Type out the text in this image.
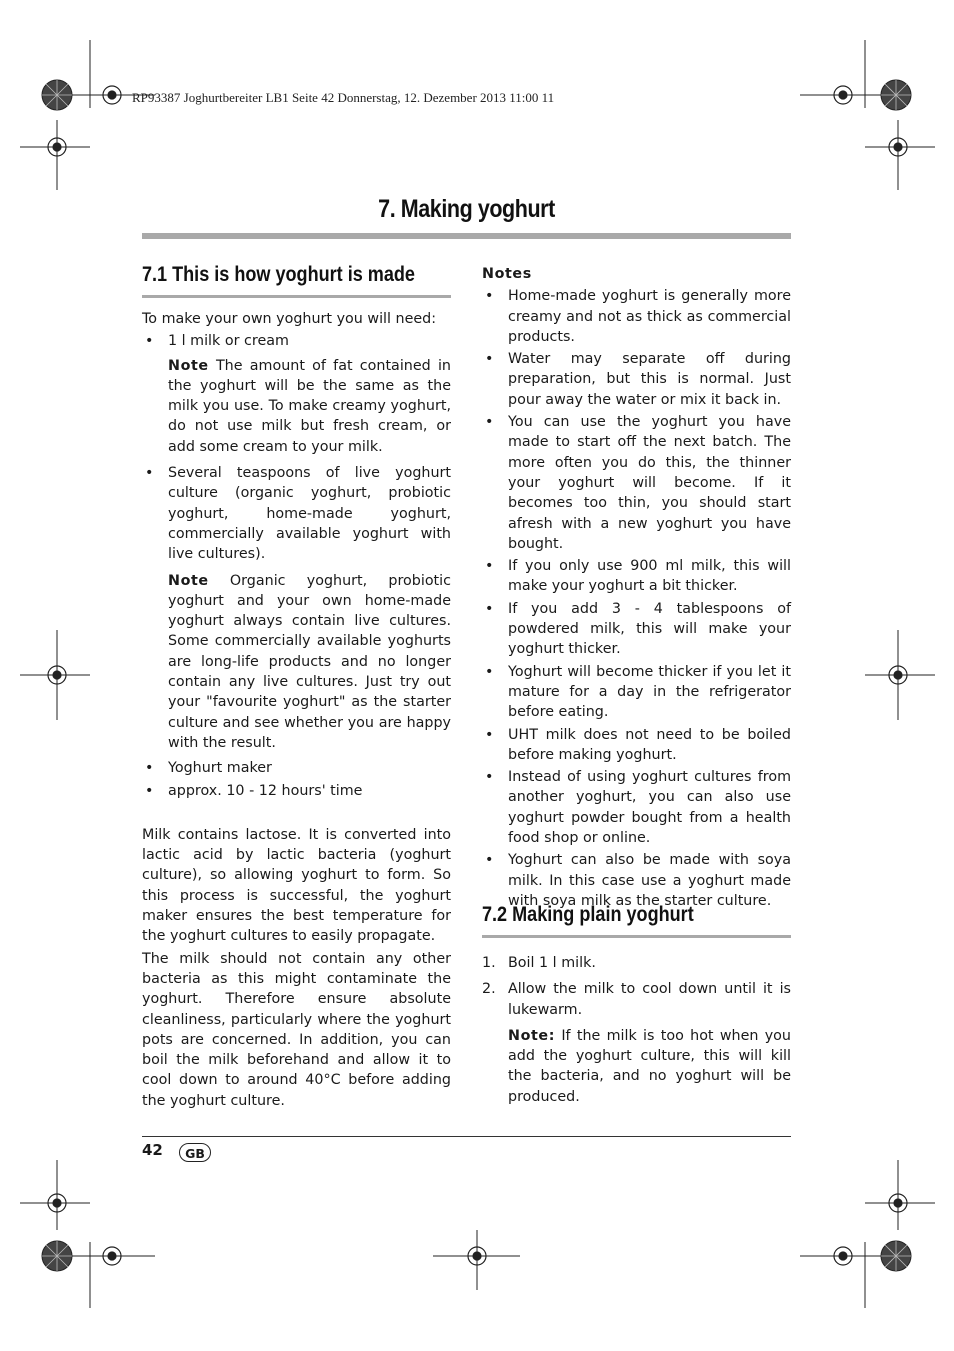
RP93387 Joghurtbereiter LB1 Seite 42 Donnerstag, 12. Dezember 2013 11:00 11
7. Making yoghurt
7.1 This is how yoghurt is made

To make your own yoghurt you will need:

• 1 l milk or cream
Note The amount of fat contained in the yoghurt will be the same as the milk you use. To make creamy yoghurt, do not use milk but fresh cream, or add some cream to your milk.
• Several teaspoons of live yoghurt culture (organic yoghurt, probiotic yoghurt, home-made yoghurt, commercially available yoghurt with live cultures).
Note Organic yoghurt, probiotic yoghurt and your own home-made yoghurt always contain live cultures. Some commercially available yoghurts are long-life products and no longer contain any live cultures. Just try out your "favourite yoghurt" as the starter culture and see whether you are happy with the result.
• Yoghurt maker
• approx. 10 - 12 hours' time

Milk contains lactose. It is converted into lactic acid by lactic bacteria (yoghurt culture), so allowing yoghurt to form. So this process is successful, the yoghurt maker ensures the best temperature for the yoghurt cultures to easily propagate.

The milk should not contain any other bacteria as this might contaminate the yoghurt. Therefore ensure absolute cleanliness, particularly where the yoghurt pots are concerned. In addition, you can boil the milk beforehand and allow it to cool down to around 40°C before adding the yoghurt culture.

Notes
• Home-made yoghurt is generally more creamy and not as thick as commercial products.
• Water may separate off during preparation, but this is normal. Just pour away the water or mix it back in.
• You can use the yoghurt you have made to start off the next batch. The more often you do this, the thinner your yoghurt will become. If it becomes too thin, you should start afresh with a new yoghurt you have bought.
• If you only use 900 ml milk, this will make your yoghurt a bit thicker.
• If you add 3 - 4 tablespoons of powdered milk, this will make your yoghurt thicker.
• Yoghurt will become thicker if you let it mature for a day in the refrigerator before eating.
• UHT milk does not need to be boiled before making yoghurt.
• Instead of using yoghurt cultures from another yoghurt, you can also use yoghurt powder bought from a health food shop or online.
• Yoghurt can also be made with soya milk. In this case use a yoghurt made with soya milk as the starter culture.
7.2 Making plain yoghurt
1. Boil 1 l milk.
2. Allow the milk to cool down until it is lukewarm.
Note: If the milk is too hot when you add the yoghurt culture, this will kill the bacteria, and no yoghurt will be produced.
42	GB
